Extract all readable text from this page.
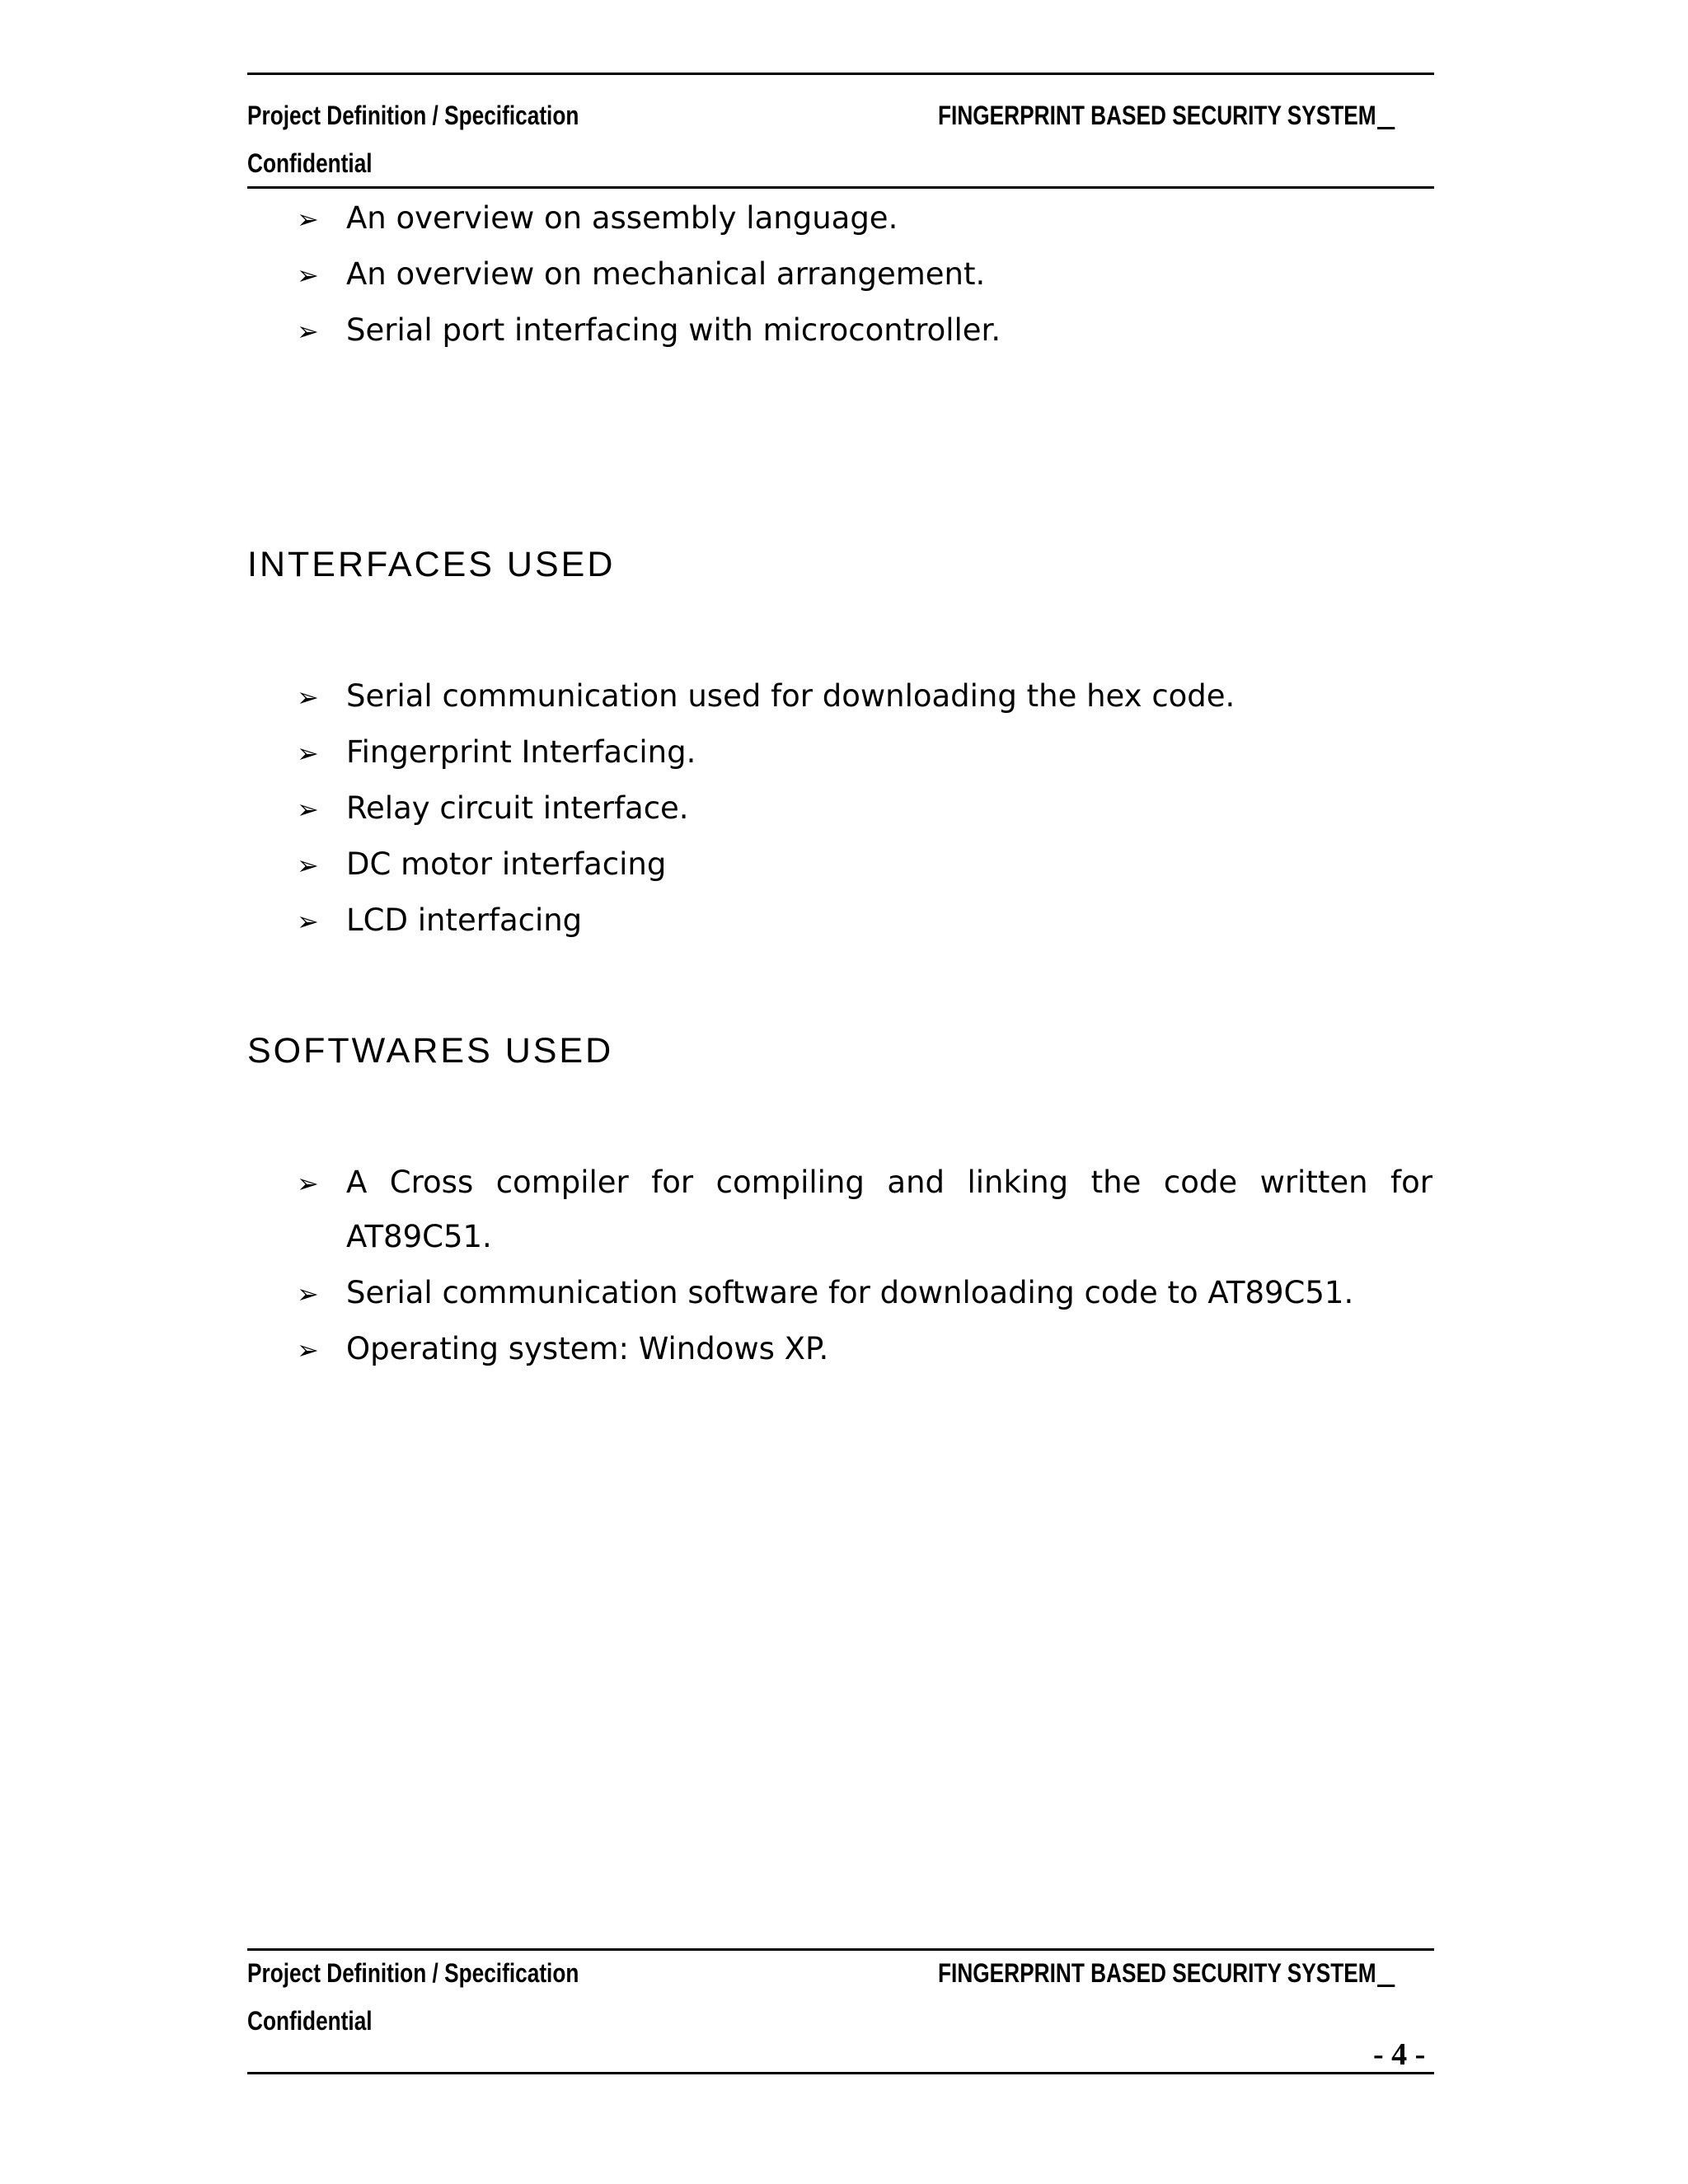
Project Definition / Specification	FINGERPRINT BASED SECURITY SYSTEM
Confidential
➢ An overview on assembly language.
➢ An overview on mechanical arrangement.
➢ Serial port interfacing with microcontroller.
INTERFACES USED
➢ Serial communication used for downloading the hex code.
➢ Fingerprint Interfacing.
➢ Relay circuit interface.
➢ DC motor interfacing
➢ LCD interfacing
SOFTWARES USED
➢ A Cross compiler for compiling and linking the code written for
AT89C51.
➢ Serial communication software for downloading code to AT89C51.
➢ Operating system: Windows XP.
Project Definition / Specification	FINGERPRINT BASED SECURITY SYSTEM
Confidential
- 4 -
